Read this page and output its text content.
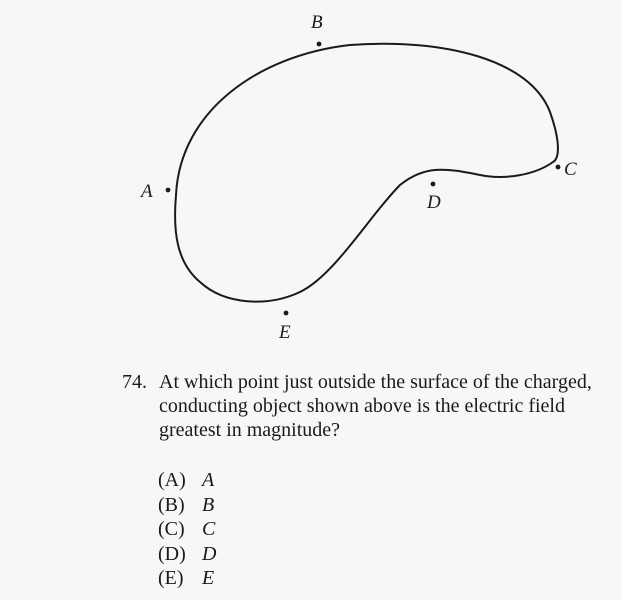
A
B
C
D
E
74. At which point just outside the surface of the charged, conducting object shown above is the electric field greatest in magnitude?
(A) A
(B) B
(C) C
(D) D
(E) E
